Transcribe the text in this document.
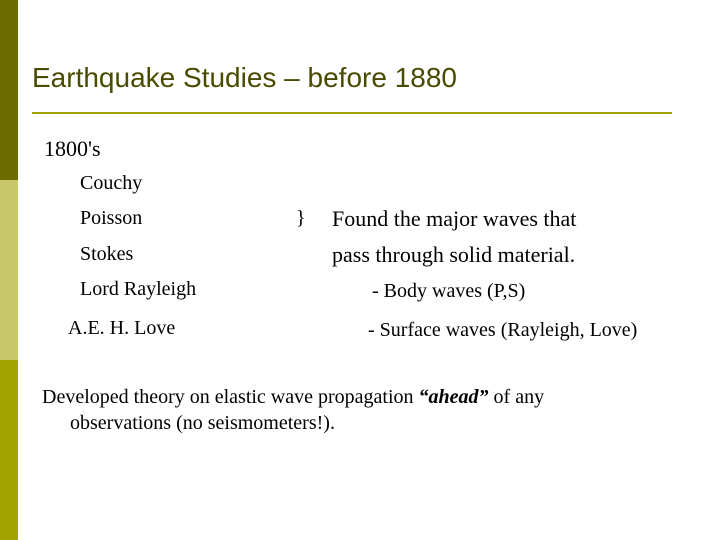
Earthquake Studies – before 1880
1800's
Couchy
Poisson
Stokes
Lord Rayleigh
A.E. H. Love
} Found the major waves that
pass through solid material.
- Body waves (P,S)
- Surface waves (Rayleigh, Love)
Developed theory on elastic wave propagation “ahead” of any
observations (no seismometers!).
